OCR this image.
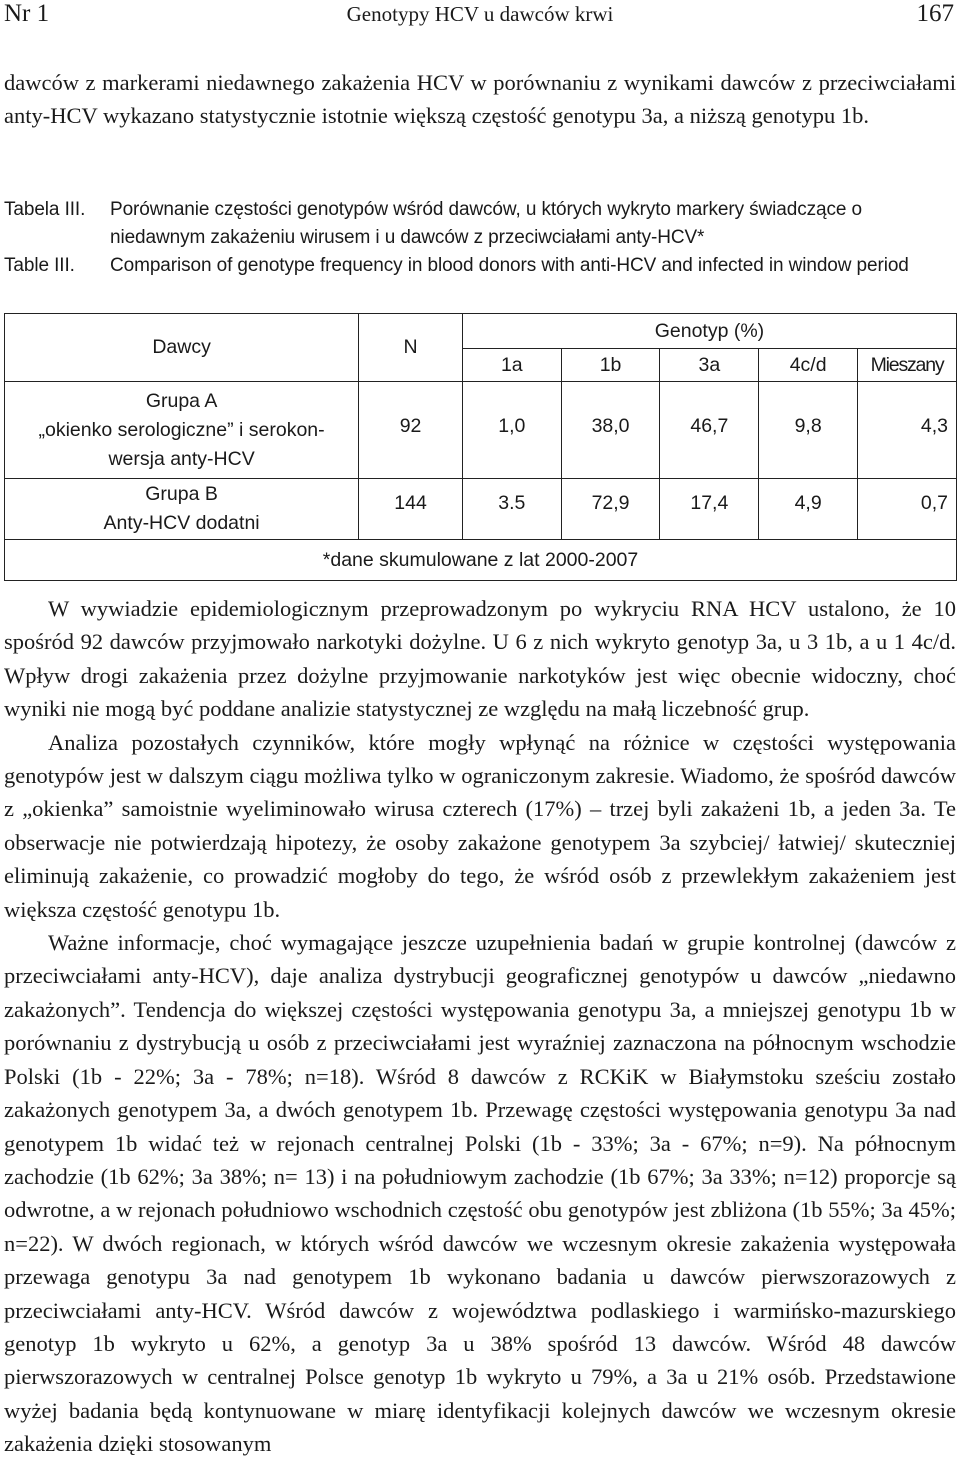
Nr 1	Genotypy HCV u dawców krwi	167

dawców z markerami niedawnego zakażenia HCV w porównaniu z wynikami dawców z przeciwciałami anty-HCV wykazano statystycznie istotnie większą częstość genotypu 3a, a niższą genotypu 1b.

Tabela III. Porównanie częstości genotypów wśród dawców, u których wykryto markery świadczące o niedawnym zakażeniu wirusem i u dawców z przeciwciałami anty-HCV*
Table III. Comparison of genotype frequency in blood donors with anti-HCV and infected in window period
Dawcy	N	Genotyp (%)				
		1a	1b	3a	4c/d	Mieszany

Grupa A
„okienko serologiczne” i serokon-
wersja anty-HCV	92	1,0	38,0	46,7	9,8	4,3

Grupa B
Anty-HCV dodatni	144	3.5	72,9	17,4	4,9	0,7
*dane skumulowane z lat 2000-2007						

W wywiadzie epidemiologicznym przeprowadzonym po wykryciu RNA HCV ustalono, że 10 spośród 92 dawców przyjmowało narkotyki dożylne. U 6 z nich wykryto genotyp 3a, u 3 1b, a u 1 4c/d. Wpływ drogi zakażenia przez dożylne przyjmowanie narkotyków jest więc obecnie widoczny, choć wyniki nie mogą być poddane analizie statystycznej ze względu na małą liczebność grup.

Analiza pozostałych czynników, które mogły wpłynąć na różnice w częstości występowania genotypów jest w dalszym ciągu możliwa tylko w ograniczonym zakresie. Wiadomo, że spośród dawców z „okienka” samoistnie wyeliminowało wirusa czterech (17%) – trzej byli zakażeni 1b, a jeden 3a. Te obserwacje nie potwierdzają hipotezy, że osoby zakażone genotypem 3a szybciej/ łatwiej/ skuteczniej eliminują zakażenie, co prowadzić mogłoby do tego, że wśród osób z przewlekłym zakażeniem jest większa częstość genotypu 1b.

Ważne informacje, choć wymagające jeszcze uzupełnienia badań w grupie kontrolnej (dawców z przeciwciałami anty-HCV), daje analiza dystrybucji geograficznej genotypów u dawców „niedawno zakażonych”. Tendencja do większej częstości występowania genotypu 3a, a mniejszej genotypu 1b w porównaniu z dystrybucją u osób z przeciwciałami jest wyraźniej zaznaczona na północnym wschodzie Polski (1b - 22%; 3a - 78%; n=18). Wśród 8 dawców z RCKiK w Białymstoku sześciu zostało zakażonych genotypem 3a, a dwóch genotypem 1b. Przewagę częstości występowania genotypu 3a nad genotypem 1b widać też w rejonach centralnej Polski (1b - 33%; 3a - 67%; n=9). Na północnym zachodzie (1b 62%; 3a 38%; n= 13) i na południowym zachodzie (1b 67%; 3a 33%; n=12) proporcje są odwrotne, a w rejonach południowo wschodnich częstość obu genotypów jest zbliżona (1b 55%; 3a 45%; n=22). W dwóch regionach, w których wśród dawców we wczesnym okresie zakażenia występowała przewaga genotypu 3a nad genotypem 1b wykonano badania u dawców pierwszorazowych z przeciwciałami anty-HCV. Wśród dawców z województwa podlaskiego i warmińsko-mazurskiego genotyp 1b wykryto u 62%, a genotyp 3a u 38% spośród 13 dawców. Wśród 48 dawców pierwszorazowych w centralnej Polsce genotyp 1b wykryto u 79%, a 3a u 21% osób. Przedstawione wyżej badania będą kontynuowane w miarę identyfikacji kolejnych dawców we wczesnym okresie zakażenia dzięki stosowanym
